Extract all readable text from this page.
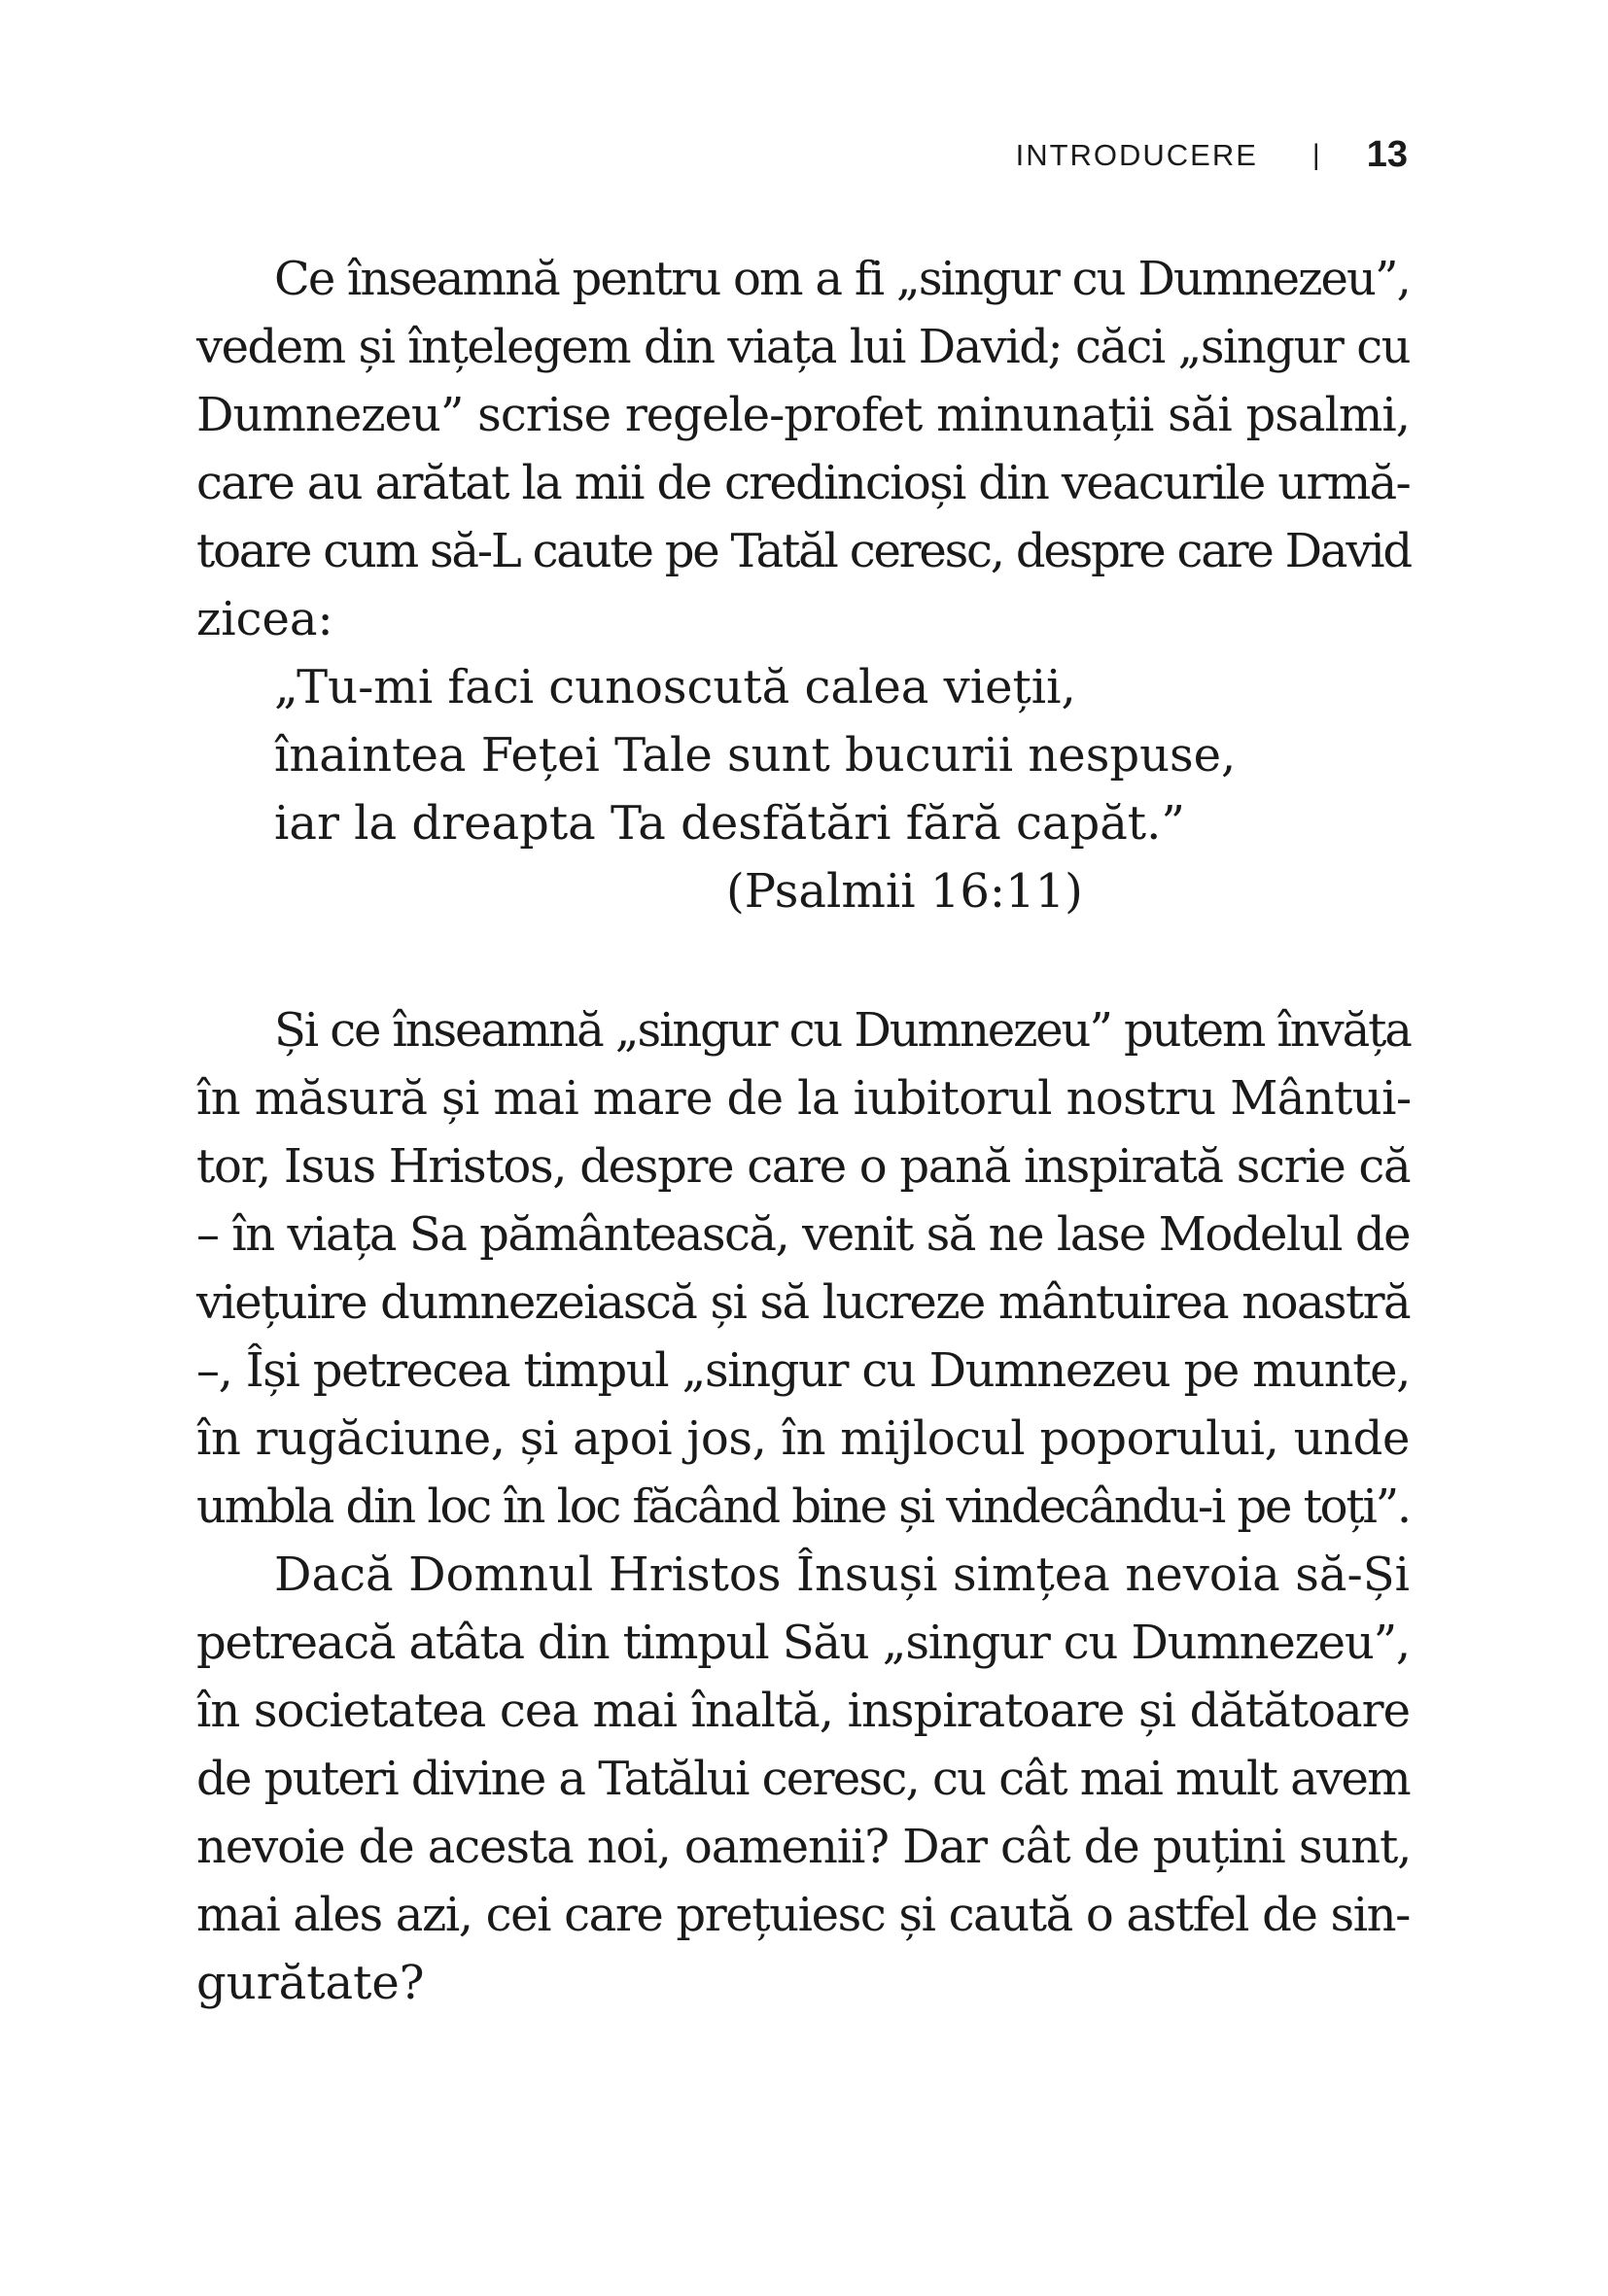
INTRODUCERE | 13
Ce înseamnă pentru om a fi „singur cu Dumnezeu”,
vedem și înțelegem din viața lui David; căci „singur cu
Dumnezeu” scrise regele-profet minunații săi psalmi,
care au arătat la mii de credincioși din veacurile urmă-
toare cum să-L caute pe Tatăl ceresc, despre care David
zicea:
„Tu-mi faci cunoscută calea vieții,
înaintea Feței Tale sunt bucurii nespuse,
iar la dreapta Ta desfătări fără capăt.”
(Psalmii 16:11)
Și ce înseamnă „singur cu Dumnezeu” putem învăța
în măsură și mai mare de la iubitorul nostru Mântui-
tor, Isus Hristos, despre care o pană inspirată scrie că
– în viața Sa pământească, venit să ne lase Modelul de
viețuire dumnezeiască și să lucreze mântuirea noastră
–, Își petrecea timpul „singur cu Dumnezeu pe munte,
în rugăciune, și apoi jos, în mijlocul poporului, unde
umbla din loc în loc făcând bine și vindecându-i pe toți”.
Dacă Domnul Hristos Însuși simțea nevoia să-Și
petreacă atâta din timpul Său „singur cu Dumnezeu”,
în societatea cea mai înaltă, inspiratoare și dătătoare
de puteri divine a Tatălui ceresc, cu cât mai mult avem
nevoie de acesta noi, oamenii? Dar cât de puțini sunt,
mai ales azi, cei care prețuiesc și caută o astfel de sin-
gurătate?
